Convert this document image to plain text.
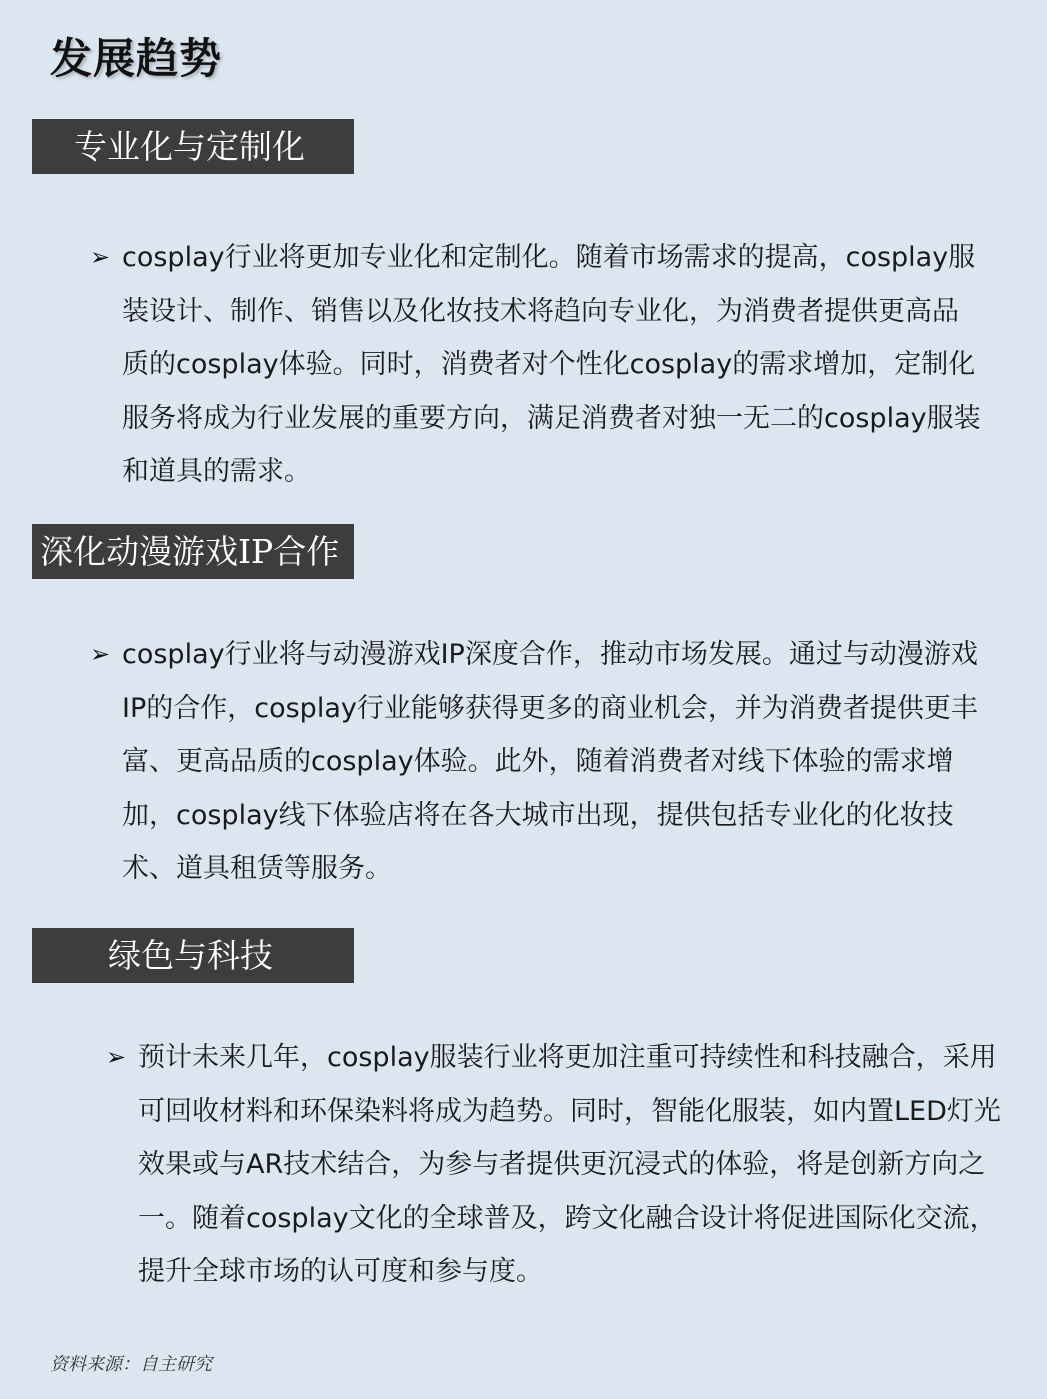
发展趋势
专业化与定制化
➢ cosplay行业将更加专业化和定制化。随着市场需求的提高，cosplay服装设计、制作、销售以及化妆技术将趋向专业化，为消费者提供更高品质的cosplay体验。同时，消费者对个性化cosplay的需求增加，定制化服务将成为行业发展的重要方向，满足消费者对独一无二的cosplay服装和道具的需求。

深化动漫游戏IP合作
➢ cosplay行业将与动漫游戏IP深度合作，推动市场发展。通过与动漫游戏IP的合作，cosplay行业能够获得更多的商业机会，并为消费者提供更丰富、更高品质的cosplay体验。此外，随着消费者对线下体验的需求增加，cosplay线下体验店将在各大城市出现，提供包括专业化的化妆技术、道具租赁等服务。

绿色与科技
➢ 预计未来几年，cosplay服装行业将更加注重可持续性和科技融合，采用可回收材料和环保染料将成为趋势。同时，智能化服装，如内置LED灯光效果或与AR技术结合，为参与者提供更沉浸式的体验，将是创新方向之一。随着cosplay文化的全球普及，跨文化融合设计将促进国际化交流，提升全球市场的认可度和参与度。

资料来源：自主研究
